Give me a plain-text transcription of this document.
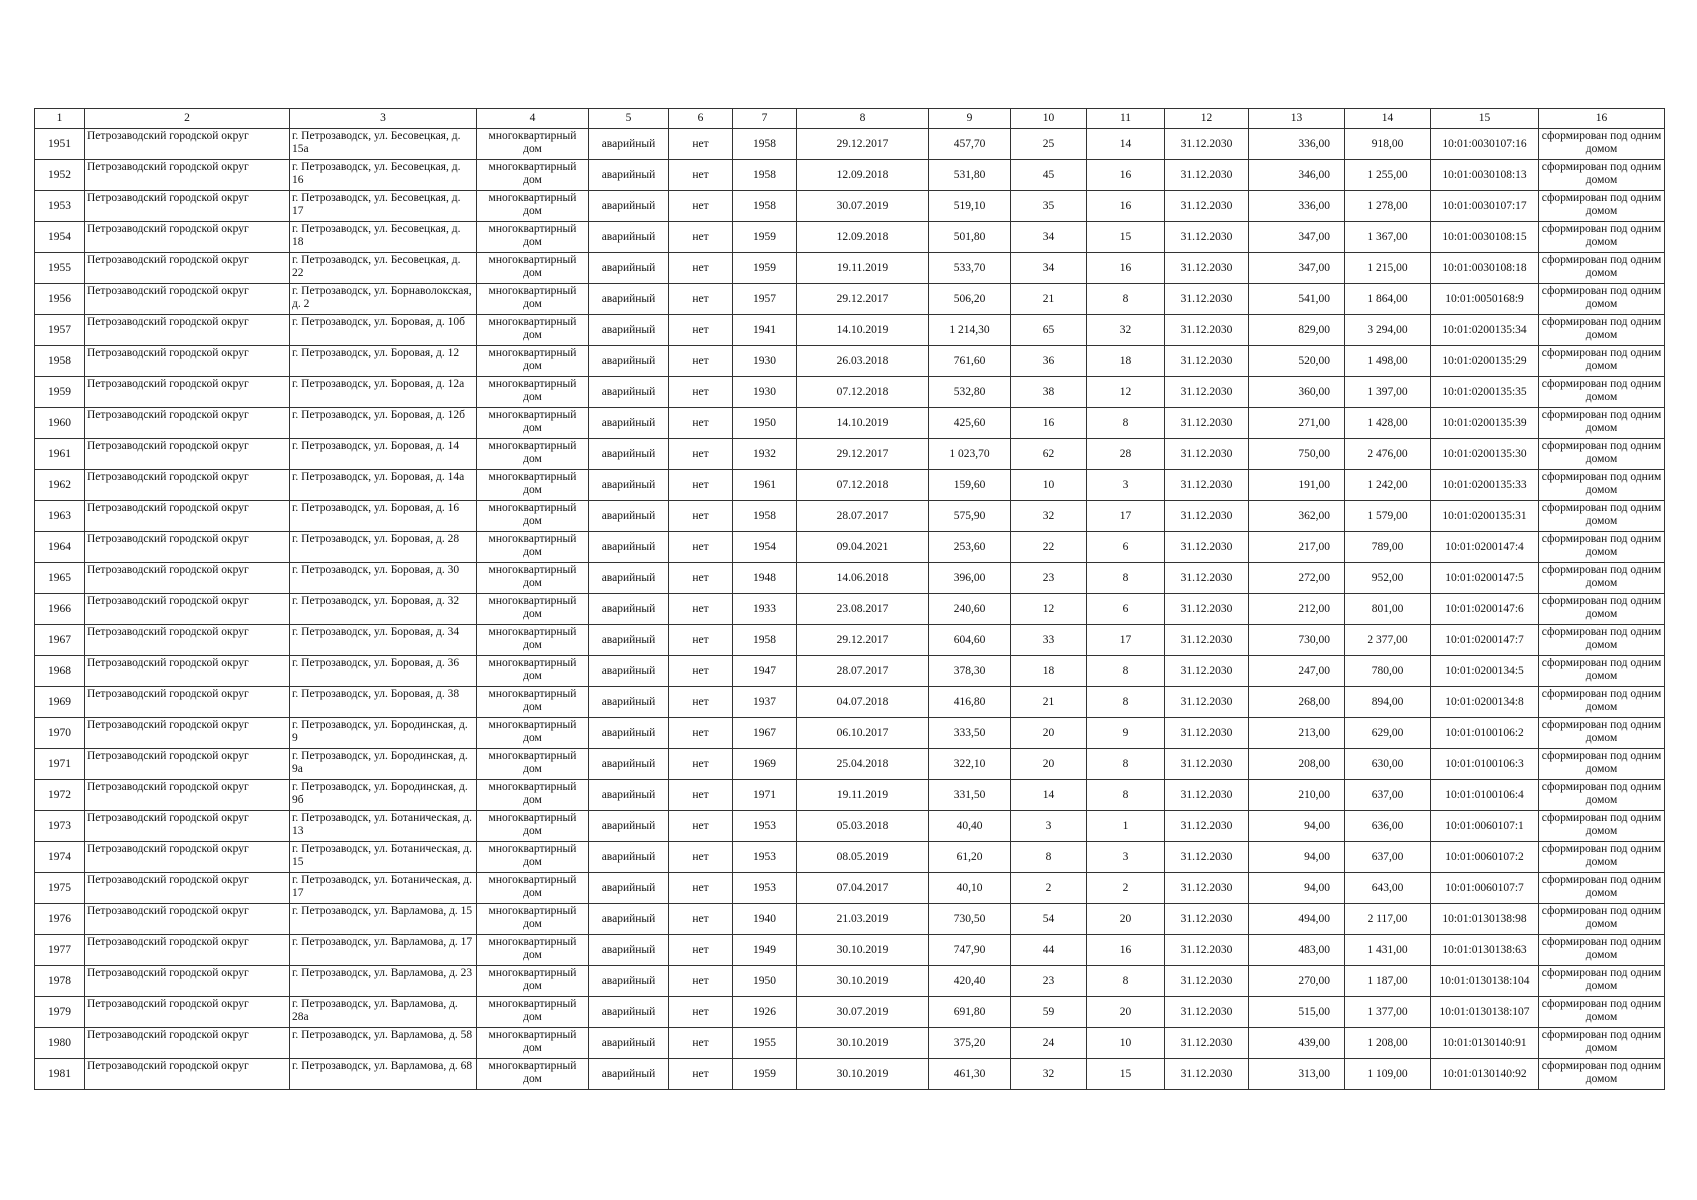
1	2	3	4	5	6	7	8	9	10	11	12	13	14	15	16
1951	Петрозаводский городской округ	г. Петрозаводск, ул. Бесовецкая, д. 15а	многоквартирный дом	аварийный	нет	1958	29.12.2017	457,70	25	14	31.12.2030	336,00	918,00	10:01:0030107:16	сформирован под одним домом
1952	Петрозаводский городской округ	г. Петрозаводск, ул. Бесовецкая, д. 16	многоквартирный дом	аварийный	нет	1958	12.09.2018	531,80	45	16	31.12.2030	346,00	1 255,00	10:01:0030108:13	сформирован под одним домом
1953	Петрозаводский городской округ	г. Петрозаводск, ул. Бесовецкая, д. 17	многоквартирный дом	аварийный	нет	1958	30.07.2019	519,10	35	16	31.12.2030	336,00	1 278,00	10:01:0030107:17	сформирован под одним домом
1954	Петрозаводский городской округ	г. Петрозаводск, ул. Бесовецкая, д. 18	многоквартирный дом	аварийный	нет	1959	12.09.2018	501,80	34	15	31.12.2030	347,00	1 367,00	10:01:0030108:15	сформирован под одним домом
1955	Петрозаводский городской округ	г. Петрозаводск, ул. Бесовецкая, д. 22	многоквартирный дом	аварийный	нет	1959	19.11.2019	533,70	34	16	31.12.2030	347,00	1 215,00	10:01:0030108:18	сформирован под одним домом
1956	Петрозаводский городской округ	г. Петрозаводск, ул. Борнаволокская, д. 2	многоквартирный дом	аварийный	нет	1957	29.12.2017	506,20	21	8	31.12.2030	541,00	1 864,00	10:01:0050168:9	сформирован под одним домом
1957	Петрозаводский городской округ	г. Петрозаводск, ул. Боровая, д. 10б	многоквартирный дом	аварийный	нет	1941	14.10.2019	1 214,30	65	32	31.12.2030	829,00	3 294,00	10:01:0200135:34	сформирован под одним домом
1958	Петрозаводский городской округ	г. Петрозаводск, ул. Боровая, д. 12	многоквартирный дом	аварийный	нет	1930	26.03.2018	761,60	36	18	31.12.2030	520,00	1 498,00	10:01:0200135:29	сформирован под одним домом
1959	Петрозаводский городской округ	г. Петрозаводск, ул. Боровая, д. 12а	многоквартирный дом	аварийный	нет	1930	07.12.2018	532,80	38	12	31.12.2030	360,00	1 397,00	10:01:0200135:35	сформирован под одним домом
1960	Петрозаводский городской округ	г. Петрозаводск, ул. Боровая, д. 12б	многоквартирный дом	аварийный	нет	1950	14.10.2019	425,60	16	8	31.12.2030	271,00	1 428,00	10:01:0200135:39	сформирован под одним домом
1961	Петрозаводский городской округ	г. Петрозаводск, ул. Боровая, д. 14	многоквартирный дом	аварийный	нет	1932	29.12.2017	1 023,70	62	28	31.12.2030	750,00	2 476,00	10:01:0200135:30	сформирован под одним домом
1962	Петрозаводский городской округ	г. Петрозаводск, ул. Боровая, д. 14а	многоквартирный дом	аварийный	нет	1961	07.12.2018	159,60	10	3	31.12.2030	191,00	1 242,00	10:01:0200135:33	сформирован под одним домом
1963	Петрозаводский городской округ	г. Петрозаводск, ул. Боровая, д. 16	многоквартирный дом	аварийный	нет	1958	28.07.2017	575,90	32	17	31.12.2030	362,00	1 579,00	10:01:0200135:31	сформирован под одним домом
1964	Петрозаводский городской округ	г. Петрозаводск, ул. Боровая, д. 28	многоквартирный дом	аварийный	нет	1954	09.04.2021	253,60	22	6	31.12.2030	217,00	789,00	10:01:0200147:4	сформирован под одним домом
1965	Петрозаводский городской округ	г. Петрозаводск, ул. Боровая, д. 30	многоквартирный дом	аварийный	нет	1948	14.06.2018	396,00	23	8	31.12.2030	272,00	952,00	10:01:0200147:5	сформирован под одним домом
1966	Петрозаводский городской округ	г. Петрозаводск, ул. Боровая, д. 32	многоквартирный дом	аварийный	нет	1933	23.08.2017	240,60	12	6	31.12.2030	212,00	801,00	10:01:0200147:6	сформирован под одним домом
1967	Петрозаводский городской округ	г. Петрозаводск, ул. Боровая, д. 34	многоквартирный дом	аварийный	нет	1958	29.12.2017	604,60	33	17	31.12.2030	730,00	2 377,00	10:01:0200147:7	сформирован под одним домом
1968	Петрозаводский городской округ	г. Петрозаводск, ул. Боровая, д. 36	многоквартирный дом	аварийный	нет	1947	28.07.2017	378,30	18	8	31.12.2030	247,00	780,00	10:01:0200134:5	сформирован под одним домом
1969	Петрозаводский городской округ	г. Петрозаводск, ул. Боровая, д. 38	многоквартирный дом	аварийный	нет	1937	04.07.2018	416,80	21	8	31.12.2030	268,00	894,00	10:01:0200134:8	сформирован под одним домом
1970	Петрозаводский городской округ	г. Петрозаводск, ул. Бородинская, д. 9	многоквартирный дом	аварийный	нет	1967	06.10.2017	333,50	20	9	31.12.2030	213,00	629,00	10:01:0100106:2	сформирован под одним домом
1971	Петрозаводский городской округ	г. Петрозаводск, ул. Бородинская, д. 9а	многоквартирный дом	аварийный	нет	1969	25.04.2018	322,10	20	8	31.12.2030	208,00	630,00	10:01:0100106:3	сформирован под одним домом
1972	Петрозаводский городской округ	г. Петрозаводск, ул. Бородинская, д. 9б	многоквартирный дом	аварийный	нет	1971	19.11.2019	331,50	14	8	31.12.2030	210,00	637,00	10:01:0100106:4	сформирован под одним домом
1973	Петрозаводский городской округ	г. Петрозаводск, ул. Ботаническая, д. 13	многоквартирный дом	аварийный	нет	1953	05.03.2018	40,40	3	1	31.12.2030	94,00	636,00	10:01:0060107:1	сформирован под одним домом
1974	Петрозаводский городской округ	г. Петрозаводск, ул. Ботаническая, д. 15	многоквартирный дом	аварийный	нет	1953	08.05.2019	61,20	8	3	31.12.2030	94,00	637,00	10:01:0060107:2	сформирован под одним домом
1975	Петрозаводский городской округ	г. Петрозаводск, ул. Ботаническая, д. 17	многоквартирный дом	аварийный	нет	1953	07.04.2017	40,10	2	2	31.12.2030	94,00	643,00	10:01:0060107:7	сформирован под одним домом
1976	Петрозаводский городской округ	г. Петрозаводск, ул. Варламова, д. 15	многоквартирный дом	аварийный	нет	1940	21.03.2019	730,50	54	20	31.12.2030	494,00	2 117,00	10:01:0130138:98	сформирован под одним домом
1977	Петрозаводский городской округ	г. Петрозаводск, ул. Варламова, д. 17	многоквартирный дом	аварийный	нет	1949	30.10.2019	747,90	44	16	31.12.2030	483,00	1 431,00	10:01:0130138:63	сформирован под одним домом
1978	Петрозаводский городской округ	г. Петрозаводск, ул. Варламова, д. 23	многоквартирный дом	аварийный	нет	1950	30.10.2019	420,40	23	8	31.12.2030	270,00	1 187,00	10:01:0130138:104	сформирован под одним домом
1979	Петрозаводский городской округ	г. Петрозаводск, ул. Варламова, д. 28а	многоквартирный дом	аварийный	нет	1926	30.07.2019	691,80	59	20	31.12.2030	515,00	1 377,00	10:01:0130138:107	сформирован под одним домом
1980	Петрозаводский городской округ	г. Петрозаводск, ул. Варламова, д. 58	многоквартирный дом	аварийный	нет	1955	30.10.2019	375,20	24	10	31.12.2030	439,00	1 208,00	10:01:0130140:91	сформирован под одним домом
1981	Петрозаводский городской округ	г. Петрозаводск, ул. Варламова, д. 68	многоквартирный дом	аварийный	нет	1959	30.10.2019	461,30	32	15	31.12.2030	313,00	1 109,00	10:01:0130140:92	сформирован под одним домом
